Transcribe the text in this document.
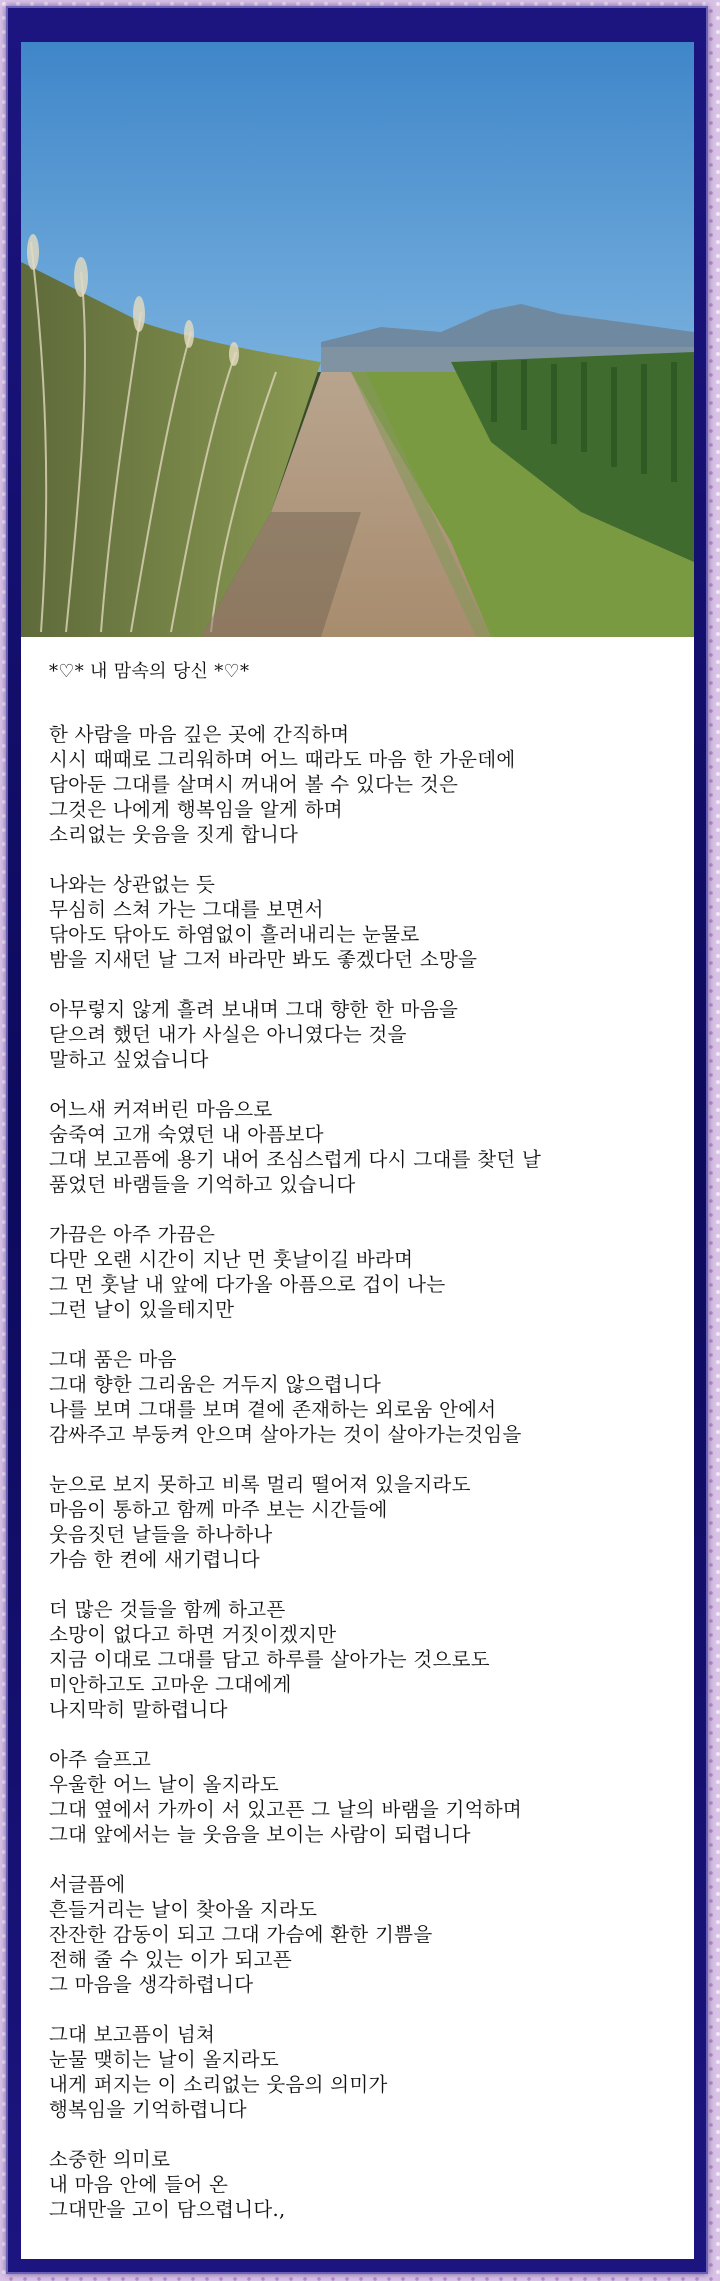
*♡* 내 맘속의 당신 *♡*
한 사람을 마음 깊은 곳에 간직하며
시시 때때로 그리워하며 어느 때라도 마음 한 가운데에
담아둔 그대를 살며시 꺼내어 볼 수 있다는 것은
그것은 나에게 행복임을 알게 하며
소리없는 웃음을 짓게 합니다
나와는 상관없는 듯
무심히 스쳐 가는 그대를 보면서
닦아도 닦아도 하염없이 흘러내리는 눈물로
밤을 지새던 날 그저 바라만 봐도 좋겠다던 소망을
아무렇지 않게 흘려 보내며 그대 향한 한 마음을
닫으려 했던 내가 사실은 아니였다는 것을
말하고 싶었습니다
어느새 커져버린 마음으로
숨죽여 고개 숙였던 내 아픔보다
그대 보고픔에 용기 내어 조심스럽게 다시 그대를 찾던 날
품었던 바램들을 기억하고 있습니다
가끔은 아주 가끔은
다만 오랜 시간이 지난 먼 훗날이길 바라며
그 먼 훗날 내 앞에 다가올 아픔으로 겁이 나는
그런 날이 있을테지만
그대 품은 마음
그대 향한 그리움은 거두지 않으렵니다
나를 보며 그대를 보며 곁에 존재하는 외로움 안에서
감싸주고 부둥켜 안으며 살아가는 것이 살아가는것임을
눈으로 보지 못하고 비록 멀리 떨어져 있을지라도
마음이 통하고 함께 마주 보는 시간들에
웃음짓던 날들을 하나하나
가슴 한 켠에 새기렵니다
더 많은 것들을 함께 하고픈
소망이 없다고 하면 거짓이겠지만
지금 이대로 그대를 담고 하루를 살아가는 것으로도
미안하고도 고마운 그대에게
나지막히 말하렵니다
아주 슬프고
우울한 어느 날이 올지라도
그대 옆에서 가까이 서 있고픈 그 날의 바램을 기억하며
그대 앞에서는 늘 웃음을 보이는 사람이 되렵니다
서글픔에
흔들거리는 날이 찾아올 지라도
잔잔한 감동이 되고 그대 가슴에 환한 기쁨을
전해 줄 수 있는 이가 되고픈
그 마음을 생각하렵니다
그대 보고픔이 넘쳐
눈물 맺히는 날이 올지라도
내게 퍼지는 이 소리없는 웃음의 의미가
행복임을 기억하렵니다
소중한 의미로
내 마음 안에 들어 온
그대만을 고이 담으렵니다.,
